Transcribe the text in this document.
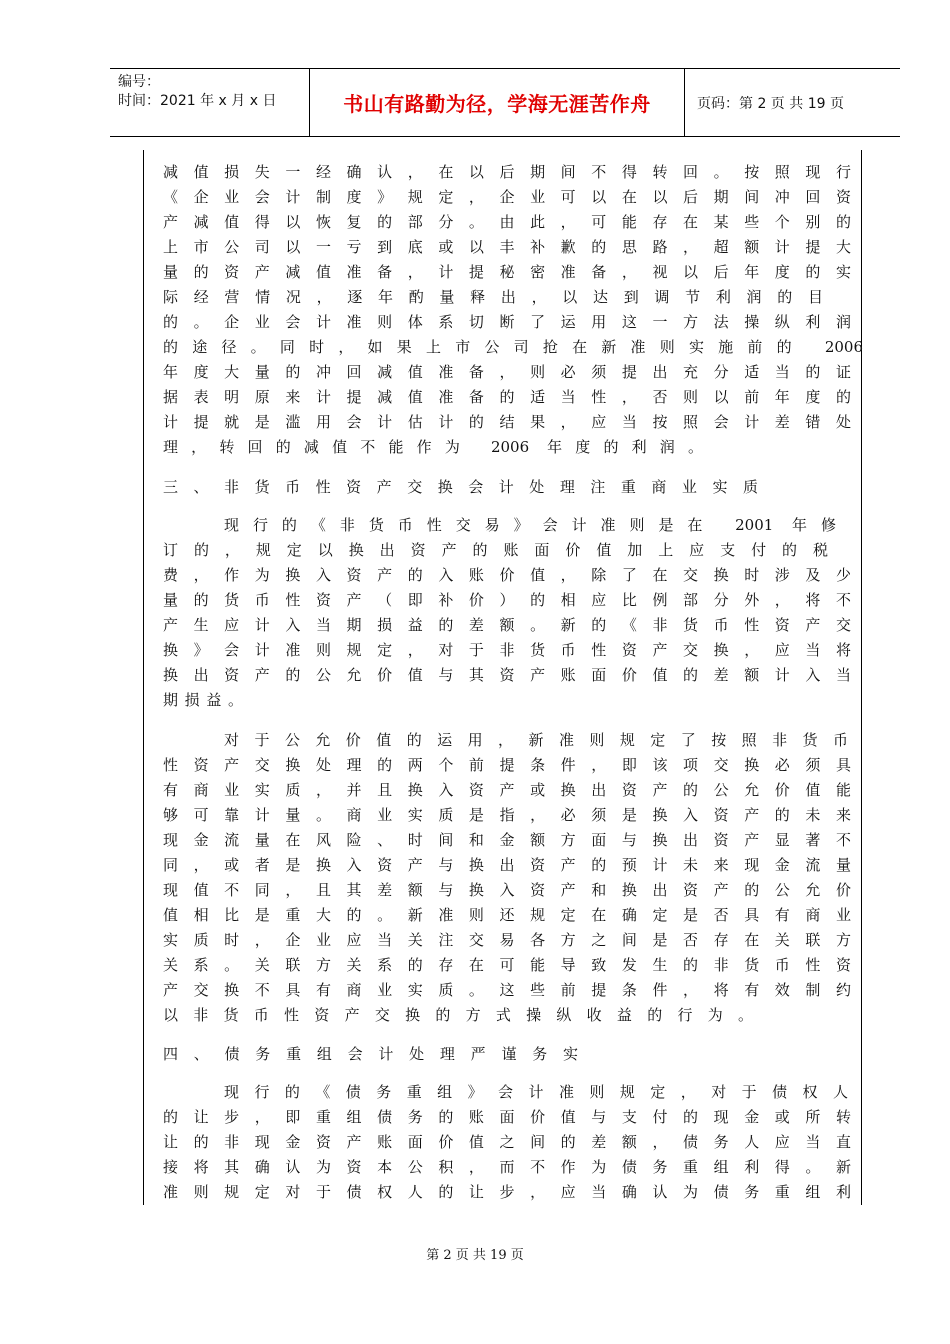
编号：
时间：2021 年 x 月 x 日	书山有路勤为径，学海无涯苦作舟	页码：第 2 页 共 19 页
减值损失一经确认，在以后期间不得转回。按照现行
《企业会计制度》规定，企业可以在以后期间冲回资
产减值得以恢复的部分。由此，可能存在某些个别的
上市公司以一亏到底或以丰补歉的思路，超额计提大
量的资产减值准备，计提秘密准备，视以后年度的实
际经营情况，逐年酌量释出，以达到调节利润的目
的。企业会计准则体系切断了运用这一方法操纵利润
的途径。同时，如果上市公司抢在新准则实施前的 2006
年度大量的冲回减值准备，则必须提出充分适当的证
据表明原来计提减值准备的适当性，否则以前年度的
计提就是滥用会计估计的结果，应当按照会计差错处
理，转回的减值不能作为 2006 年度的利润。
三、非货币性资产交换会计处理注重商业实质
现行的《非货币性交易》会计准则是在 2001 年修
订的，规定以换出资产的账面价值加上应支付的税
费，作为换入资产的入账价值，除了在交换时涉及少
量的货币性资产（即补价）的相应比例部分外，将不
产生应计入当期损益的差额。新的《非货币性资产交
换》会计准则规定，对于非货币性资产交换，应当将
换出资产的公允价值与其资产账面价值的差额计入当
期损益。
对于公允价值的运用，新准则规定了按照非货币
性资产交换处理的两个前提条件，即该项交换必须具
有商业实质，并且换入资产或换出资产的公允价值能
够可靠计量。商业实质是指，必须是换入资产的未来
现金流量在风险、时间和金额方面与换出资产显著不
同，或者是换入资产与换出资产的预计未来现金流量
现值不同，且其差额与换入资产和换出资产的公允价
值相比是重大的。新准则还规定在确定是否具有商业
实质时，企业应当关注交易各方之间是否存在关联方
关系。关联方关系的存在可能导致发生的非货币性资
产交换不具有商业实质。这些前提条件，将有效制约
以非货币性资产交换的方式操纵收益的行为。
四、债务重组会计处理严谨务实
现行的《债务重组》会计准则规定，对于债权人
的让步，即重组债务的账面价值与支付的现金或所转
让的非现金资产账面价值之间的差额，债务人应当直
接将其确认为资本公积，而不作为债务重组利得。新
准则规定对于债权人的让步，应当确认为债务重组利
第 2 页 共 19 页
